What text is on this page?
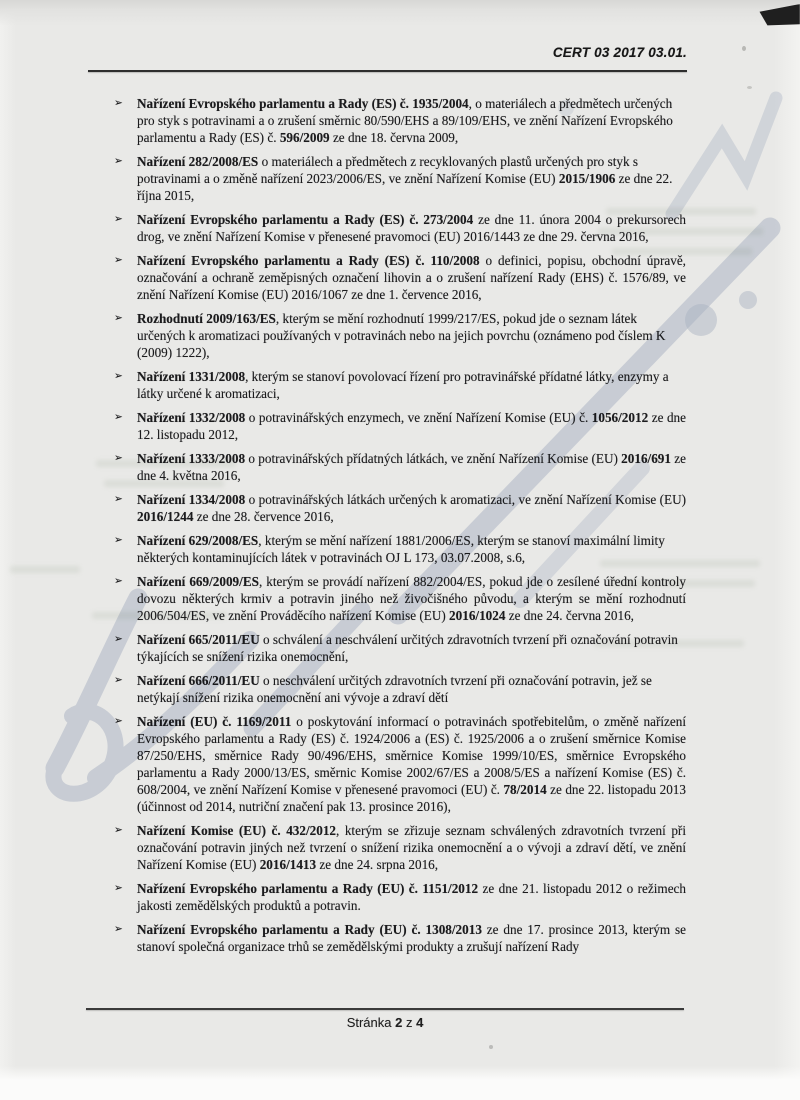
CERT 03 2017 03.01.
➢ Nařízení Evropského parlamentu a Rady (ES) č. 1935/2004, o materiálech a předmětech určených pro styk s potravinami a o zrušení směrnic 80/590/EHS a 89/109/EHS, ve znění Nařízení Evropského parlamentu a Rady (ES) č. 596/2009 ze dne 18. června 2009,
➢ Nařízení 282/2008/ES o materiálech a předmětech z recyklovaných plastů určených pro styk s potravinami a o změně nařízení 2023/2006/ES, ve znění Nařízení Komise (EU) 2015/1906 ze dne 22. října 2015,
➢ Nařízení Evropského parlamentu a Rady (ES) č. 273/2004 ze dne 11. února 2004 o prekursorech drog, ve znění Nařízení Komise v přenesené pravomoci (EU) 2016/1443 ze dne 29. června 2016,
➢ Nařízení Evropského parlamentu a Rady (ES) č. 110/2008 o definici, popisu, obchodní úpravě, označování a ochraně zeměpisných označení lihovin a o zrušení nařízení Rady (EHS) č. 1576/89, ve znění Nařízení Komise (EU) 2016/1067 ze dne 1. července 2016,
➢ Rozhodnutí 2009/163/ES, kterým se mění rozhodnutí 1999/217/ES, pokud jde o seznam látek určených k aromatizaci používaných v potravinách nebo na jejich povrchu (oznámeno pod číslem K (2009) 1222),
➢ Nařízení 1331/2008, kterým se stanoví povolovací řízení pro potravinářské přídatné látky, enzymy a látky určené k aromatizaci,
➢ Nařízení 1332/2008 o potravinářských enzymech, ve znění Nařízení Komise (EU) č. 1056/2012 ze dne 12. listopadu 2012,
➢ Nařízení 1333/2008 o potravinářských přídatných látkách, ve znění Nařízení Komise (EU) 2016/691 ze dne 4. května 2016,
➢ Nařízení 1334/2008 o potravinářských látkách určených k aromatizaci, ve znění Nařízení Komise (EU) 2016/1244 ze dne 28. července 2016,
➢ Nařízení 629/2008/ES, kterým se mění nařízení 1881/2006/ES, kterým se stanoví maximální limity některých kontaminujících látek v potravinách OJ L 173, 03.07.2008, s.6,
➢ Nařízení 669/2009/ES, kterým se provádí nařízení 882/2004/ES, pokud jde o zesílené úřední kontroly dovozu některých krmiv a potravin jiného než živočišného původu, a kterým se mění rozhodnutí 2006/504/ES, ve znění Prováděcího nařízení Komise (EU) 2016/1024 ze dne 24. června 2016,
➢ Nařízení 665/2011/EU o schválení a neschválení určitých zdravotních tvrzení při označování potravin týkajících se snížení rizika onemocnění,
➢ Nařízení 666/2011/EU o neschválení určitých zdravotních tvrzení při označování potravin, jež se netýkají snížení rizika onemocnění ani vývoje a zdraví dětí
➢ Nařízení (EU) č. 1169/2011 o poskytování informací o potravinách spotřebitelům, o změně nařízení Evropského parlamentu a Rady (ES) č. 1924/2006 a (ES) č. 1925/2006 a o zrušení směrnice Komise 87/250/EHS, směrnice Rady 90/496/EHS, směrnice Komise 1999/10/ES, směrnice Evropského parlamentu a Rady 2000/13/ES, směrnic Komise 2002/67/ES a 2008/5/ES a nařízení Komise (ES) č. 608/2004, ve znění Nařízení Komise v přenesené pravomoci (EU) č. 78/2014 ze dne 22. listopadu 2013 (účinnost od 2014, nutriční značení pak 13. prosince 2016),
➢ Nařízení Komise (EU) č. 432/2012, kterým se zřizuje seznam schválených zdravotních tvrzení při označování potravin jiných než tvrzení o snížení rizika onemocnění a o vývoji a zdraví dětí, ve znění Nařízení Komise (EU) 2016/1413 ze dne 24. srpna 2016,
➢ Nařízení Evropského parlamentu a Rady (EU) č. 1151/2012 ze dne 21. listopadu 2012 o režimech jakosti zemědělských produktů a potravin.
➢ Nařízení Evropského parlamentu a Rady (EU) č. 1308/2013 ze dne 17. prosince 2013, kterým se stanoví společná organizace trhů se zemědělskými produkty a zrušují nařízení Rady
Stránka 2 z 4
